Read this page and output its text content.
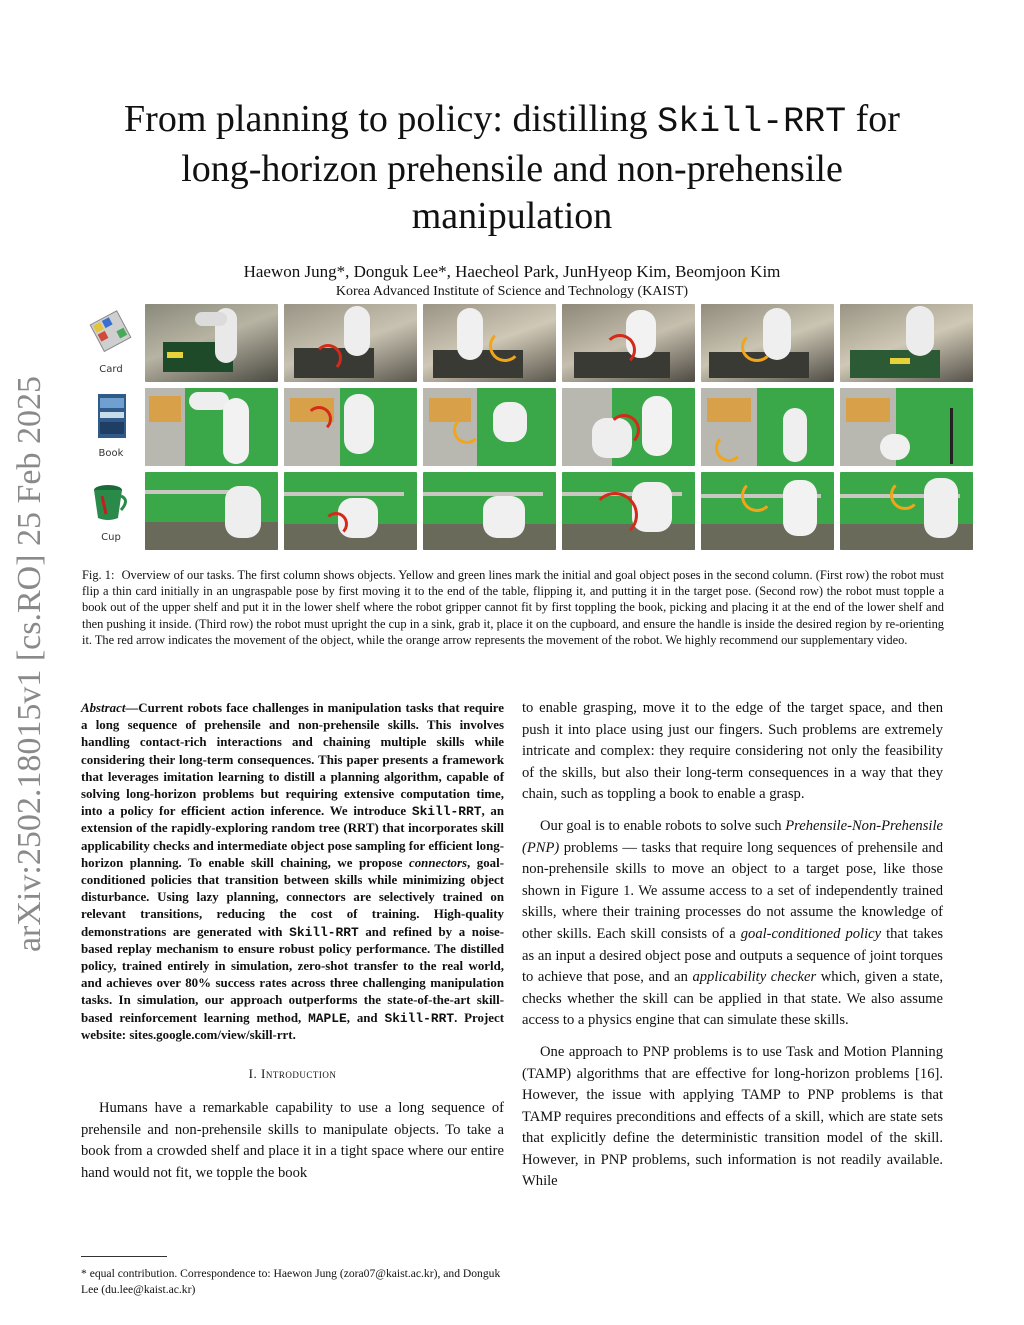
arXiv:2502.18015v1 [cs.RO] 25 Feb 2025
From planning to policy: distilling Skill-RRT for long-horizon prehensile and non-prehensile manipulation
Haewon Jung*, Donguk Lee*, Haecheol Park, JunHyeop Kim, Beomjoon Kim
Korea Advanced Institute of Science and Technology (KAIST)
Card
Book
Cup
Fig. 1: Overview of our tasks. The first column shows objects. Yellow and green lines mark the initial and goal object poses in the second column. (First row) the robot must flip a thin card initially in an ungraspable pose by first moving it to the end of the table, flipping it, and putting it in the target pose. (Second row) the robot must topple a book out of the upper shelf and put it in the lower shelf where the robot gripper cannot fit by first toppling the book, picking and placing it at the end of the lower shelf and then pushing it inside. (Third row) the robot must upright the cup in a sink, grab it, place it on the cupboard, and ensure the handle is inside the desired region by re-orienting it. The red arrow indicates the movement of the object, while the orange arrow represents the movement of the robot. We highly recommend our supplementary video.

Abstract—Current robots face challenges in manipulation tasks that require a long sequence of prehensile and non-prehensile skills. This involves handling contact-rich interactions and chaining multiple skills while considering their long-term consequences. This paper presents a framework that leverages imitation learning to distill a planning algorithm, capable of solving long-horizon problems but requiring extensive computation time, into a policy for efficient action inference. We introduce Skill-RRT, an extension of the rapidly-exploring random tree (RRT) that incorporates skill applicability checks and intermediate object pose sampling for efficient long-horizon planning. To enable skill chaining, we propose connectors, goal-conditioned policies that transition between skills while minimizing object disturbance. Using lazy planning, connectors are selectively trained on relevant transitions, reducing the cost of training. High-quality demonstrations are generated with Skill-RRT and refined by a noise-based replay mechanism to ensure robust policy performance. The distilled policy, trained entirely in simulation, zero-shot transfer to the real world, and achieves over 80% success rates across three challenging manipulation tasks. In simulation, our approach outperforms the state-of-the-art skill-based reinforcement learning method, MAPLE, and Skill-RRT. Project website: sites.google.com/view/skill-rrt.

I. Introduction

Humans have a remarkable capability to use a long sequence of prehensile and non-prehensile skills to manipulate objects. To take a book from a crowded shelf and place it in a tight space where our entire hand would not fit, we topple the book

to enable grasping, move it to the edge of the target space, and then push it into place using just our fingers. Such problems are extremely intricate and complex: they require considering not only the feasibility of the skills, but also their long-term consequences in a way that they chain, such as toppling a book to enable a grasp.

Our goal is to enable robots to solve such Prehensile-Non-Prehensile (PNP) problems — tasks that require long sequences of prehensile and non-prehensile skills to move an object to a target pose, like those shown in Figure 1. We assume access to a set of independently trained skills, where their training processes do not assume the knowledge of other skills. Each skill consists of a goal-conditioned policy that takes as an input a desired object pose and outputs a sequence of joint torques to achieve that pose, and an applicability checker which, given a state, checks whether the skill can be applied in that state. We also assume access to a physics engine that can simulate these skills.

One approach to PNP problems is to use Task and Motion Planning (TAMP) algorithms that are effective for long-horizon problems [16]. However, the issue with applying TAMP to PNP problems is that TAMP requires preconditions and effects of a skill, which are state sets that explicitly define the deterministic transition model of the skill. However, in PNP problems, such information is not readily available. While

* equal contribution. Correspondence to: Haewon Jung (zora07@kaist.ac.kr), and Donguk Lee (du.lee@kaist.ac.kr)
